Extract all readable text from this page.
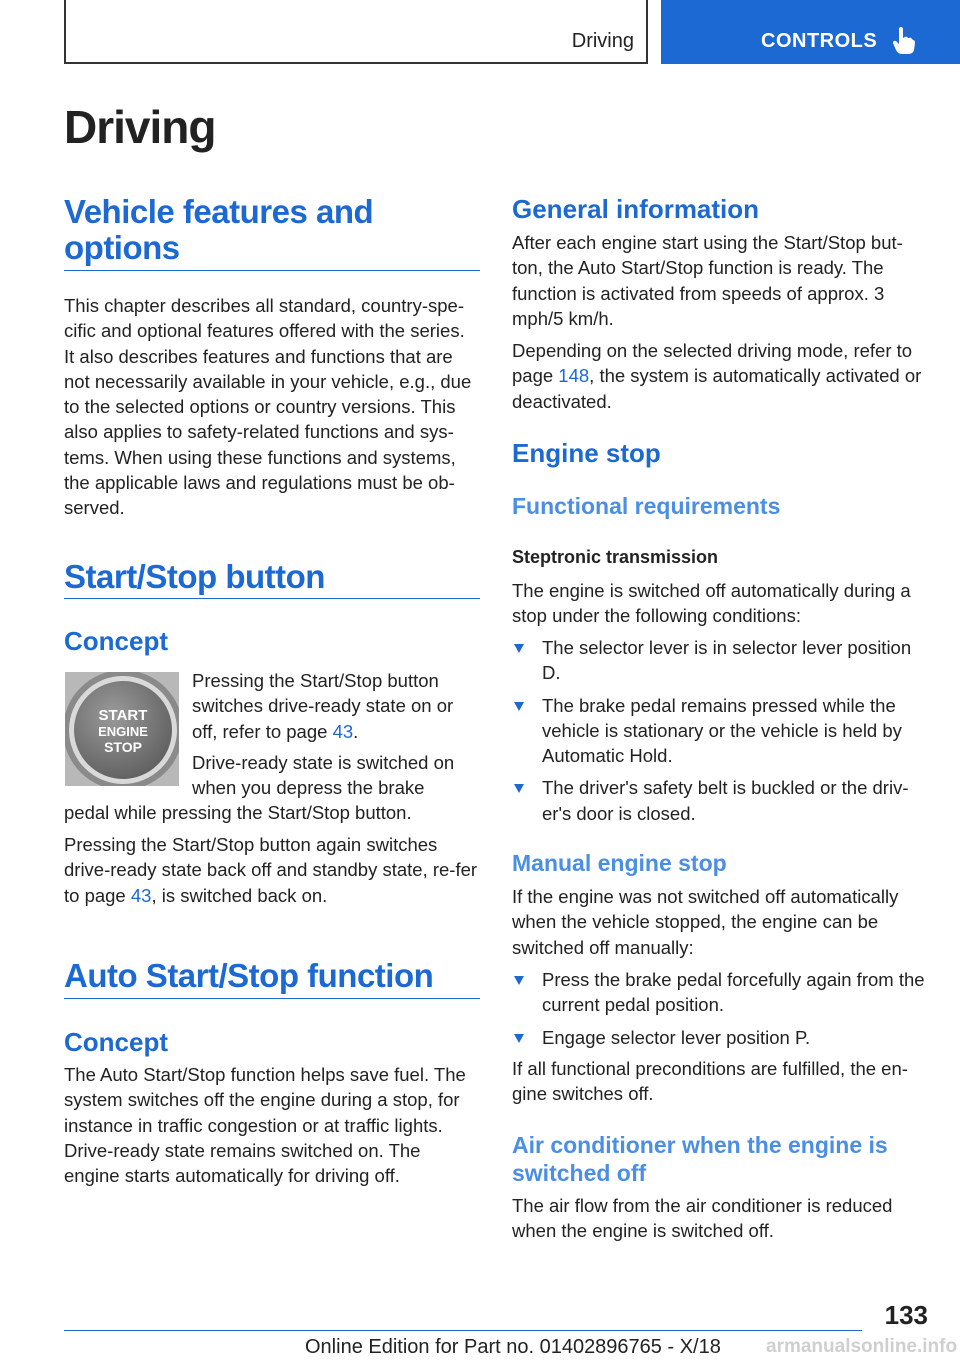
Driving	CONTROLS
Driving
Vehicle features and options

This chapter describes all standard, country-spe-cific and optional features offered with the series. It also describes features and functions that are not necessarily available in your vehicle, e.g., due to the selected options or country versions. This also applies to safety-related functions and sys-tems. When using these functions and systems, the applicable laws and regulations must be ob-served.

Start/Stop button
Concept
START
ENGINE
STOP

Pressing the Start/Stop button switches drive-ready state on or off, refer to page 43.

Drive-ready state is switched on when you depress the brake

pedal while pressing the Start/Stop button.

Pressing the Start/Stop button again switches drive-ready state back off and standby state, re-fer to page 43, is switched back on.

Auto Start/Stop function
Concept

The Auto Start/Stop function helps save fuel. The system switches off the engine during a stop, for instance in traffic congestion or at traffic lights. Drive-ready state remains switched on. The engine starts automatically for driving off.

General information

After each engine start using the Start/Stop but-ton, the Auto Start/Stop function is ready. The function is activated from speeds of approx. 3 mph/5 km/h.

Depending on the selected driving mode, refer to page 148, the system is automatically activated or deactivated.

Engine stop
Functional requirements
Steptronic transmission

The engine is switched off automatically during a stop under the following conditions:

The selector lever is in selector lever position D.
The brake pedal remains pressed while the vehicle is stationary or the vehicle is held by Automatic Hold.
The driver's safety belt is buckled or the driv-er's door is closed.
Manual engine stop

If the engine was not switched off automatically when the vehicle stopped, the engine can be switched off manually:

Press the brake pedal forcefully again from the current pedal position.
Engage selector lever position P.

If all functional preconditions are fulfilled, the en-gine switches off.

Air conditioner when the engine is switched off

The air flow from the air conditioner is reduced when the engine is switched off.

133
Online Edition for Part no. 01402896765 - X/18 armanualsonline.info
